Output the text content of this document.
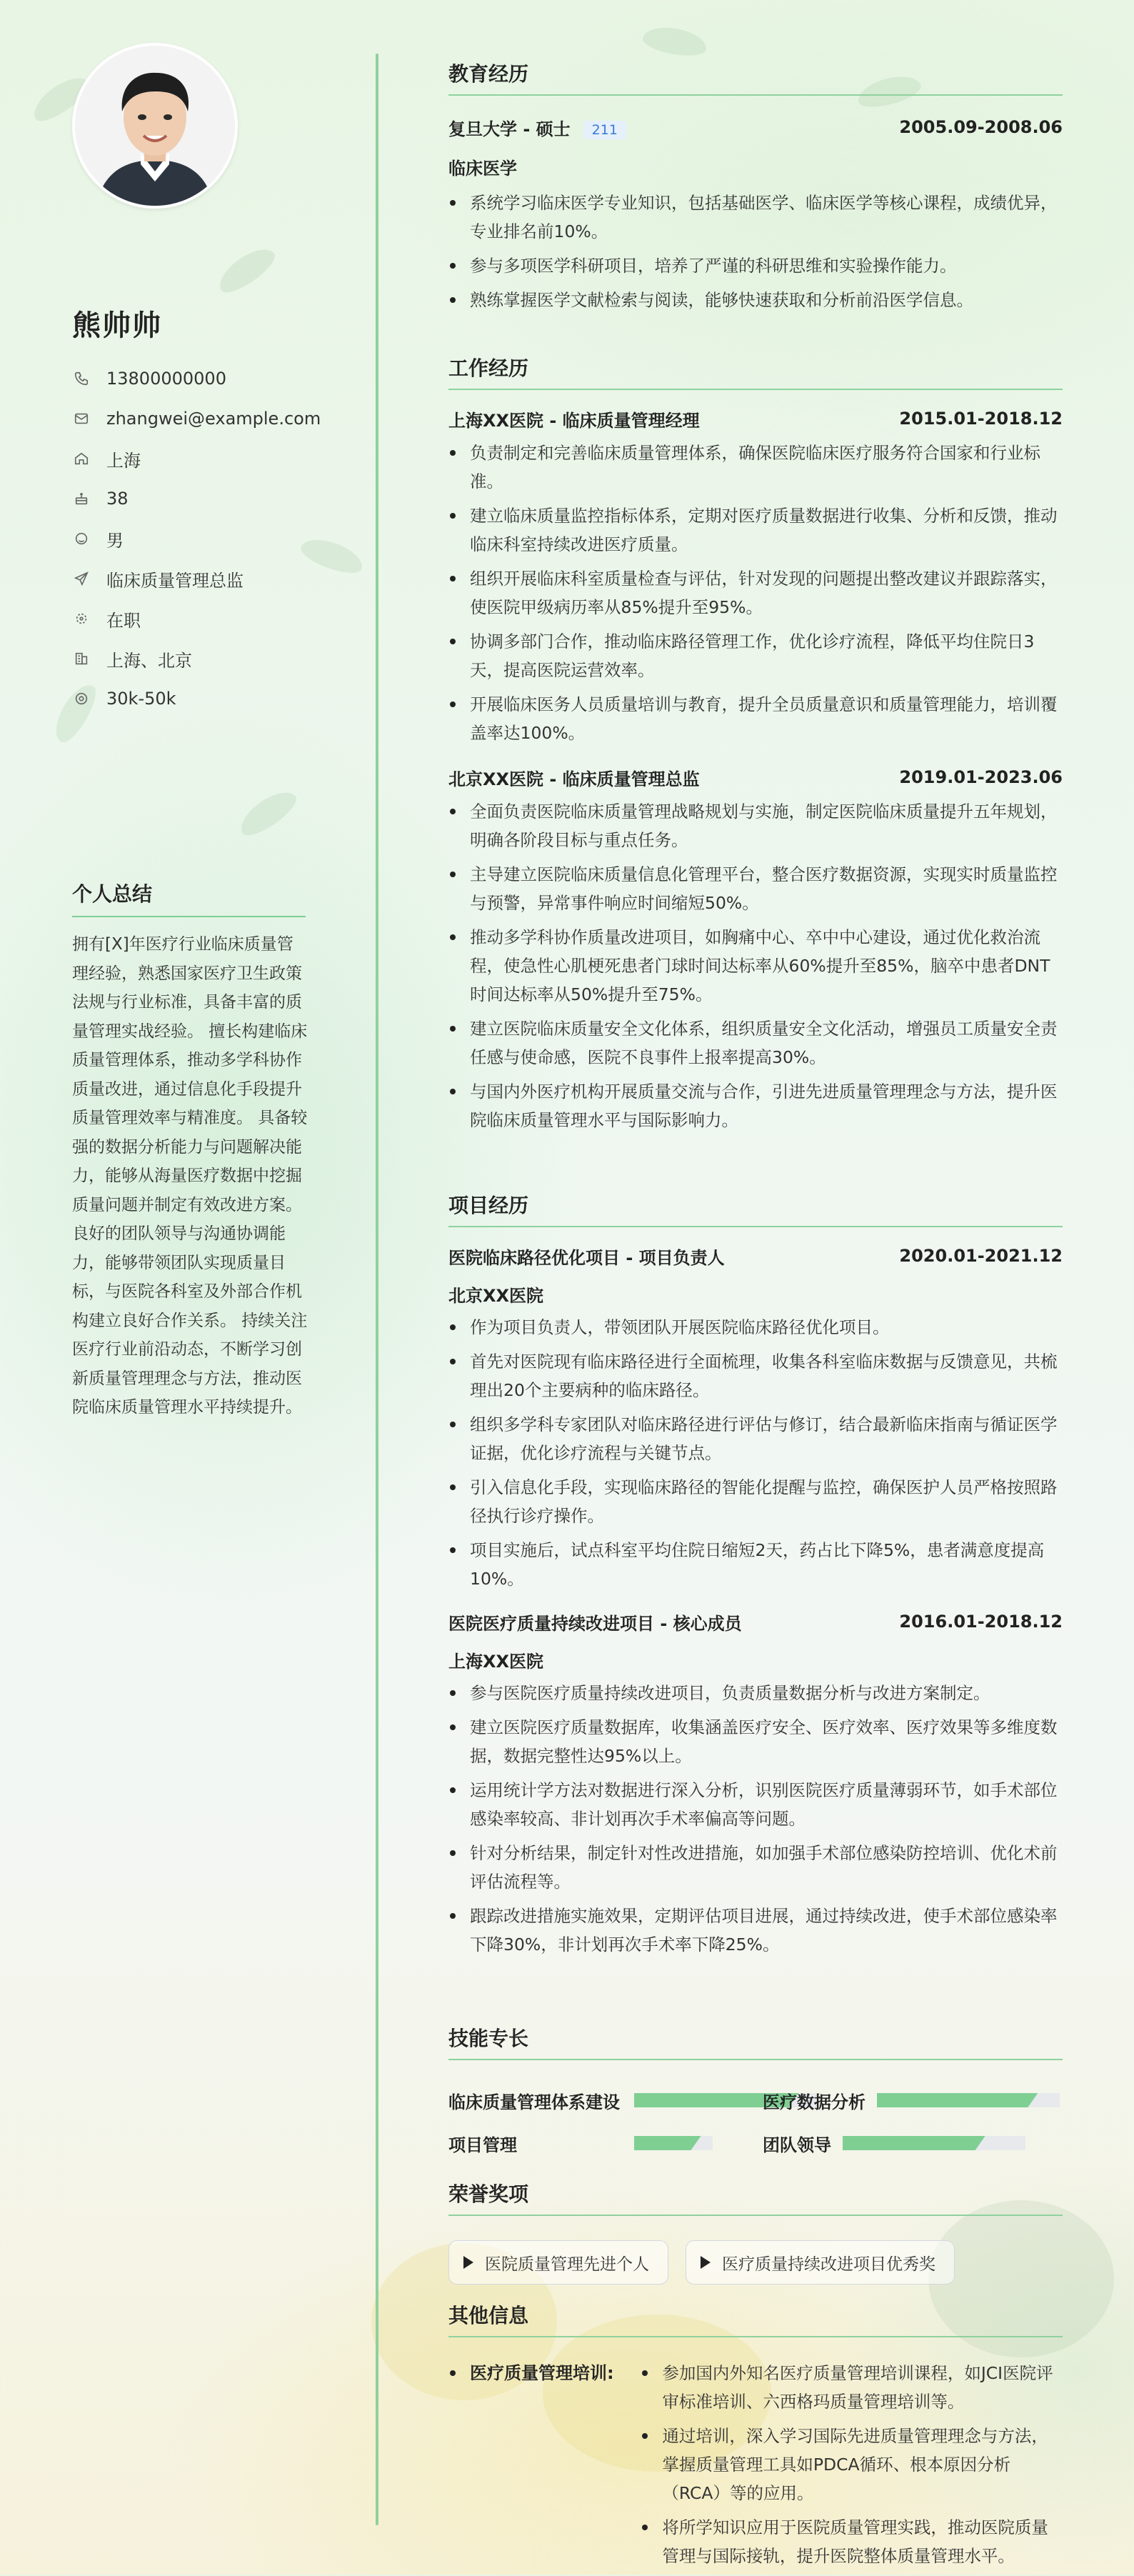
熊帅帅
13800000000
zhangwei@example.com
上海
38
男
临床质量管理总监
在职
上海、北京
30k-50k
个人总结
拥有[X]年医疗行业临床质量管理经验，熟悉国家医疗卫生政策法规与行业标准，具备丰富的质量管理实战经验。 擅长构建临床质量管理体系，推动多学科协作质量改进，通过信息化手段提升质量管理效率与精准度。 具备较强的数据分析能力与问题解决能力，能够从海量医疗数据中挖掘质量问题并制定有效改进方案。 良好的团队领导与沟通协调能力，能够带领团队实现质量目标，与医院各科室及外部合作机构建立良好合作关系。 持续关注医疗行业前沿动态，不断学习创新质量管理理念与方法，推动医院临床质量管理水平持续提升。
教育经历
复旦大学 - 硕士 211	2005.09-2008.06
临床医学
系统学习临床医学专业知识，包括基础医学、临床医学等核心课程，成绩优异，专业排名前10%。
参与多项医学科研项目，培养了严谨的科研思维和实验操作能力。
熟练掌握医学文献检索与阅读，能够快速获取和分析前沿医学信息。
工作经历
上海XX医院 - 临床质量管理经理	2015.01-2018.12
负责制定和完善临床质量管理体系，确保医院临床医疗服务符合国家和行业标准。
建立临床质量监控指标体系，定期对医疗质量数据进行收集、分析和反馈，推动临床科室持续改进医疗质量。
组织开展临床科室质量检查与评估，针对发现的问题提出整改建议并跟踪落实，使医院甲级病历率从85%提升至95%。
协调多部门合作，推动临床路径管理工作，优化诊疗流程，降低平均住院日3天，提高医院运营效率。
开展临床医务人员质量培训与教育，提升全员质量意识和质量管理能力，培训覆盖率达100%。
北京XX医院 - 临床质量管理总监	2019.01-2023.06
全面负责医院临床质量管理战略规划与实施，制定医院临床质量提升五年规划，明确各阶段目标与重点任务。
主导建立医院临床质量信息化管理平台，整合医疗数据资源，实现实时质量监控与预警，异常事件响应时间缩短50%。
推动多学科协作质量改进项目，如胸痛中心、卒中中心建设，通过优化救治流程，使急性心肌梗死患者门球时间达标率从60%提升至85%，脑卒中患者DNT时间达标率从50%提升至75%。
建立医院临床质量安全文化体系，组织质量安全文化活动，增强员工质量安全责任感与使命感，医院不良事件上报率提高30%。
与国内外医疗机构开展质量交流与合作，引进先进质量管理理念与方法，提升医院临床质量管理水平与国际影响力。
项目经历
医院临床路径优化项目 - 项目负责人	2020.01-2021.12
北京XX医院
作为项目负责人，带领团队开展医院临床路径优化项目。
首先对医院现有临床路径进行全面梳理，收集各科室临床数据与反馈意见，共梳理出20个主要病种的临床路径。
组织多学科专家团队对临床路径进行评估与修订，结合最新临床指南与循证医学证据，优化诊疗流程与关键节点。
引入信息化手段，实现临床路径的智能化提醒与监控，确保医护人员严格按照路径执行诊疗操作。
项目实施后，试点科室平均住院日缩短2天，药占比下降5%，患者满意度提高10%。
医院医疗质量持续改进项目 - 核心成员	2016.01-2018.12
上海XX医院
参与医院医疗质量持续改进项目，负责质量数据分析与改进方案制定。
建立医院医疗质量数据库，收集涵盖医疗安全、医疗效率、医疗效果等多维度数据，数据完整性达95%以上。
运用统计学方法对数据进行深入分析，识别医院医疗质量薄弱环节，如手术部位感染率较高、非计划再次手术率偏高等问题。
针对分析结果，制定针对性改进措施，如加强手术部位感染防控培训、优化术前评估流程等。
跟踪改进措施实施效果，定期评估项目进展，通过持续改进，使手术部位感染率下降30%，非计划再次手术率下降25%。
技能专长
临床质量管理体系建设	医疗数据分析
项目管理	团队领导
荣誉奖项
医院质量管理先进个人	医疗质量持续改进项目优秀奖
其他信息
医疗质量管理培训:	参加国内外知名医疗质量管理培训课程，如JCI医院评审标准培训、六西格玛质量管理培训等。
通过培训，深入学习国际先进质量管理理念与方法，掌握质量管理工具如PDCA循环、根本原因分析（RCA）等的应用。
将所学知识应用于医院质量管理实践，推动医院质量管理与国际接轨，提升医院整体质量管理水平。
